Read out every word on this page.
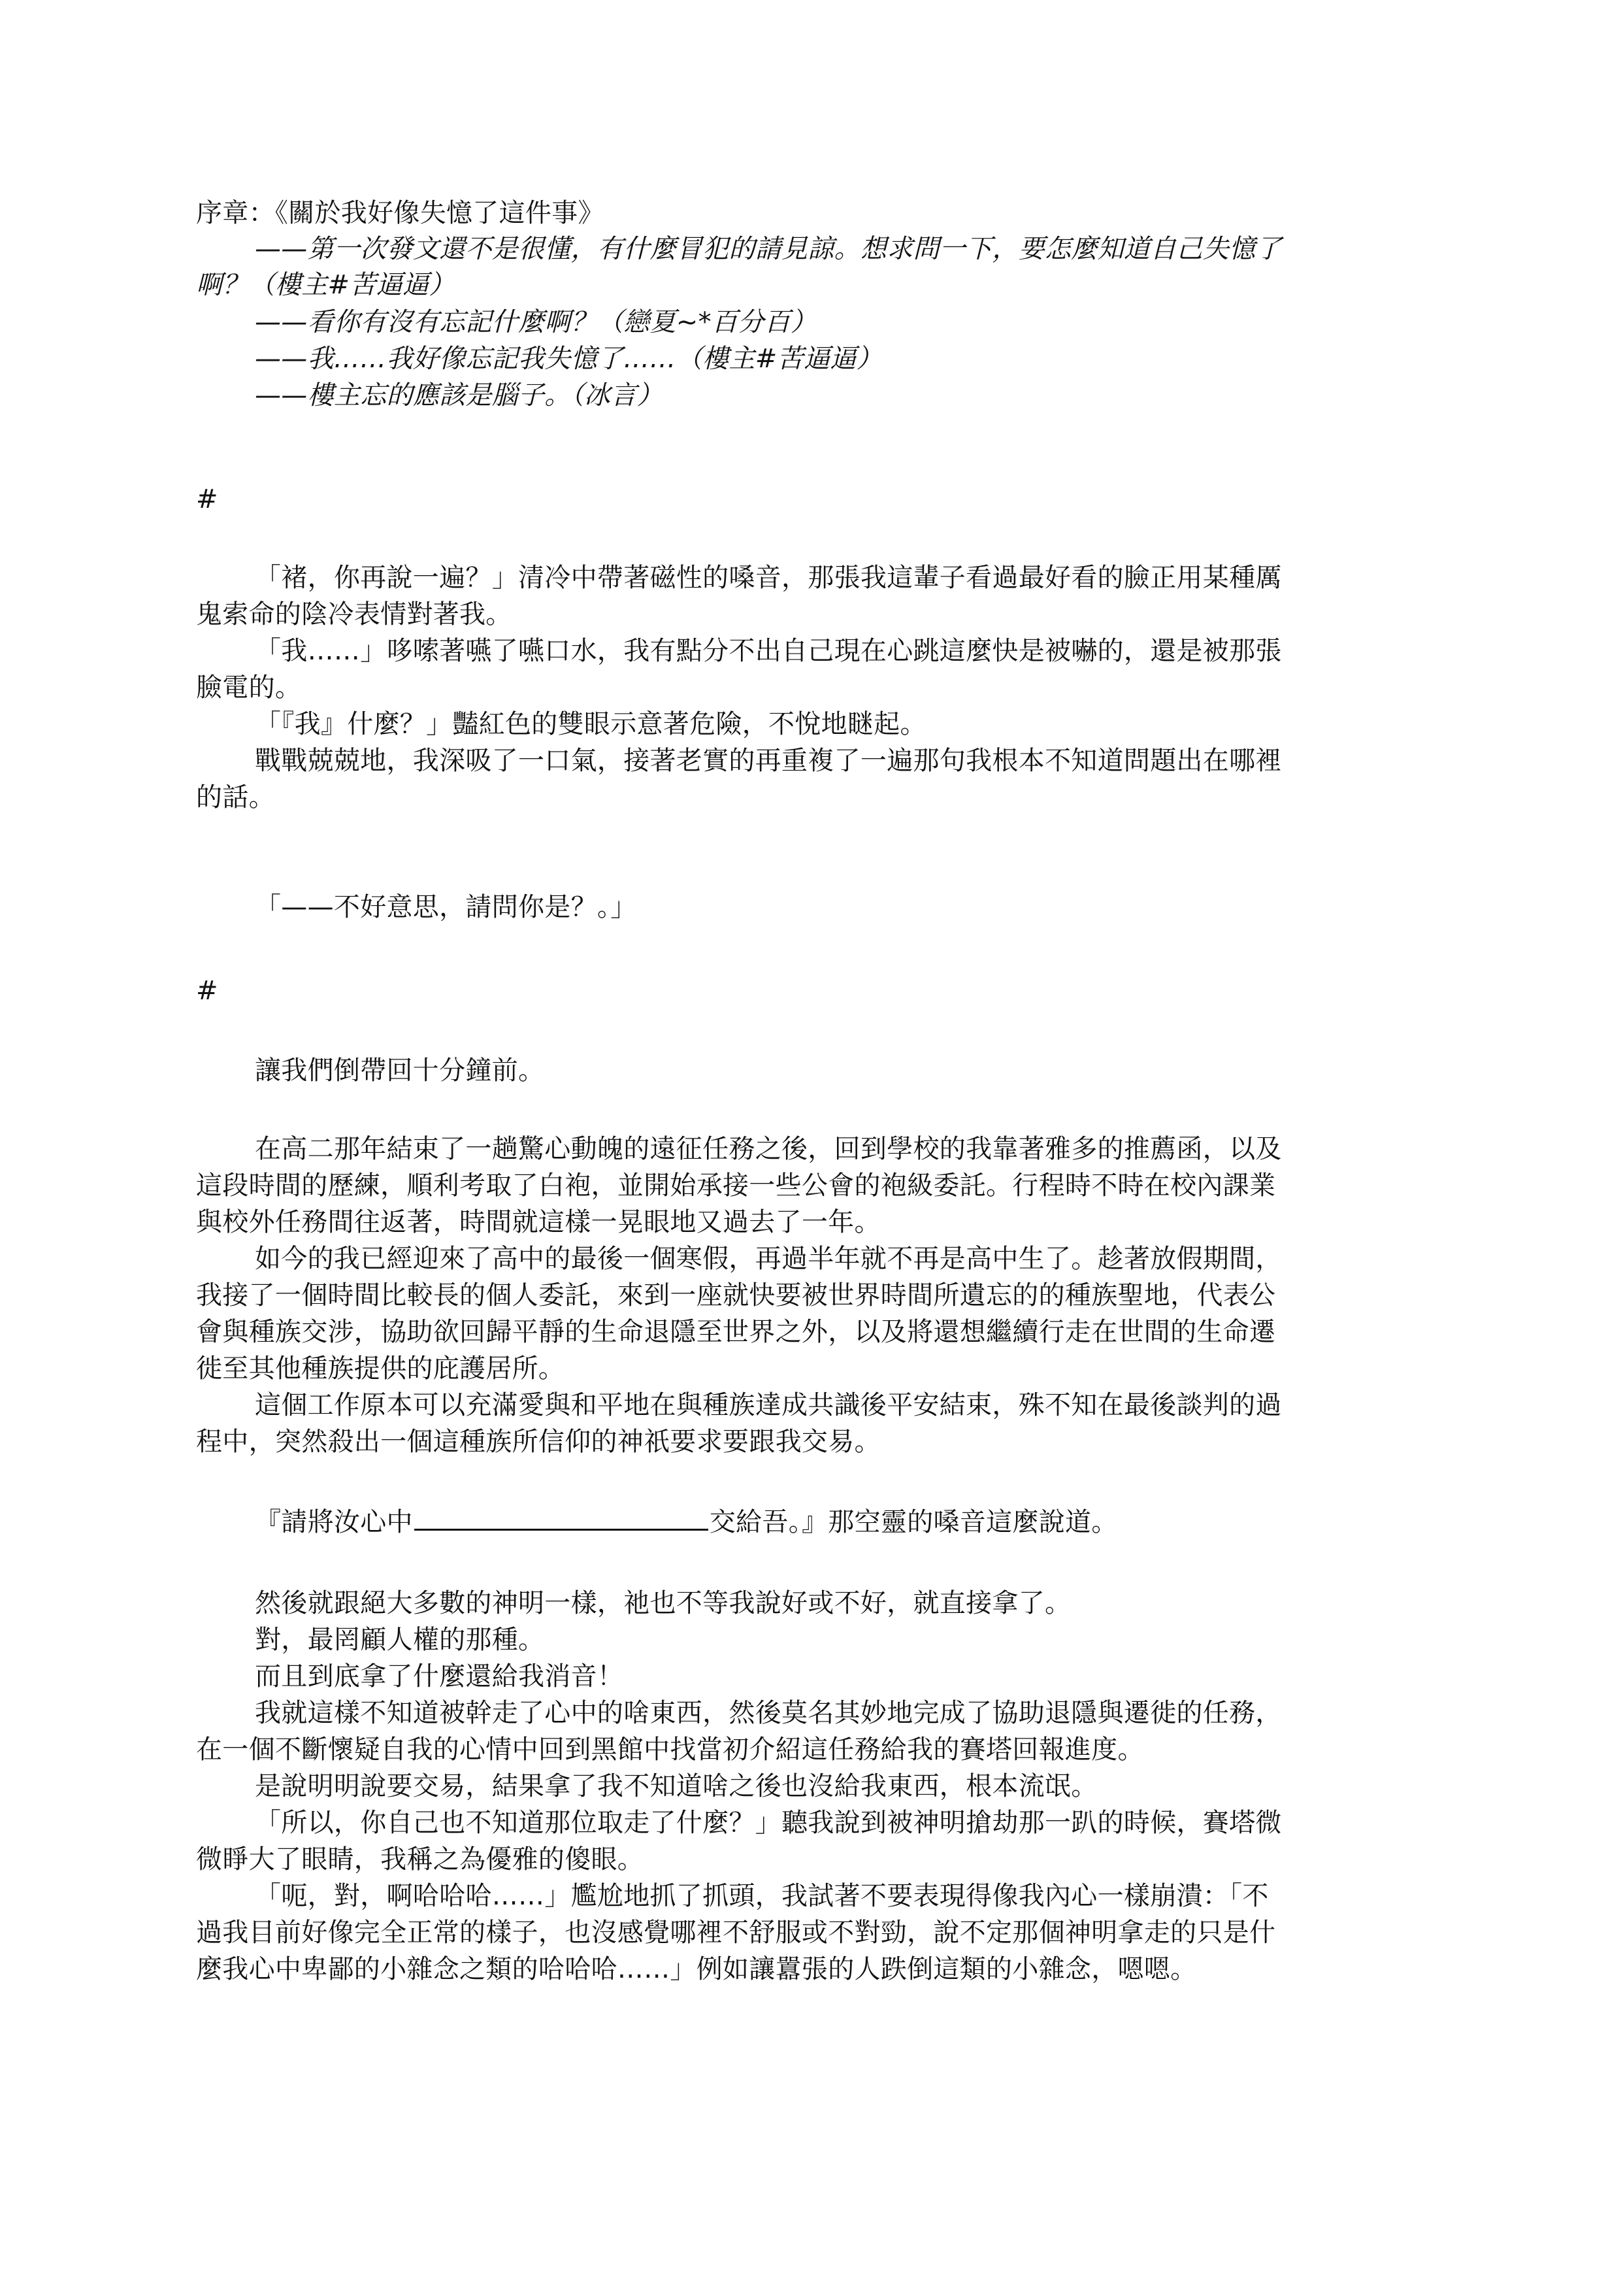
序章：《關於我好像失憶了這件事》
——第一次發文還不是很懂，有什麼冒犯的請見諒。想求問一下，要怎麼知道自己失憶了
啊？（樓主#苦逼逼）
——看你有沒有忘記什麼啊？（戀夏~*百分百）
——我……我好像忘記我失憶了……（樓主#苦逼逼）
——樓主忘的應該是腦子。（冰言）
#
「褚，你再說一遍？」清冷中帶著磁性的嗓音，那張我這輩子看過最好看的臉正用某種厲
鬼索命的陰冷表情對著我。
「我……」哆嗦著嚥了嚥口水，我有點分不出自己現在心跳這麼快是被嚇的，還是被那張
臉電的。
「『我』什麼？」豔紅色的雙眼示意著危險，不悅地瞇起。
戰戰兢兢地，我深吸了一口氣，接著老實的再重複了一遍那句我根本不知道問題出在哪裡
的話。
「——不好意思，請問你是？。」
#
讓我們倒帶回十分鐘前。
在高二那年結束了一趟驚心動魄的遠征任務之後，回到學校的我靠著雅多的推薦函，以及
這段時間的歷練，順利考取了白袍，並開始承接一些公會的袍級委託。行程時不時在校內課業
與校外任務間往返著，時間就這樣一晃眼地又過去了一年。
如今的我已經迎來了高中的最後一個寒假，再過半年就不再是高中生了。趁著放假期間，
我接了一個時間比較長的個人委託，來到一座就快要被世界時間所遺忘的的種族聖地，代表公
會與種族交涉，協助欲回歸平靜的生命退隱至世界之外，以及將還想繼續行走在世間的生命遷
徙至其他種族提供的庇護居所。
這個工作原本可以充滿愛與和平地在與種族達成共識後平安結束，殊不知在最後談判的過
程中，突然殺出一個這種族所信仰的神祇要求要跟我交易。
『請將汝心中	交給吾。』那空靈的嗓音這麼說道。
然後就跟絕大多數的神明一樣，祂也不等我說好或不好，就直接拿了。
對，最罔顧人權的那種。
而且到底拿了什麼還給我消音！
我就這樣不知道被幹走了心中的啥東西，然後莫名其妙地完成了協助退隱與遷徙的任務，
在一個不斷懷疑自我的心情中回到黑館中找當初介紹這任務給我的賽塔回報進度。
是說明明說要交易，結果拿了我不知道啥之後也沒給我東西，根本流氓。
「所以，你自己也不知道那位取走了什麼？」聽我說到被神明搶劫那一趴的時候，賽塔微
微睜大了眼睛，我稱之為優雅的傻眼。
「呃，對，啊哈哈哈……」尷尬地抓了抓頭，我試著不要表現得像我內心一樣崩潰：「不
過我目前好像完全正常的樣子，也沒感覺哪裡不舒服或不對勁，說不定那個神明拿走的只是什
麼我心中卑鄙的小雜念之類的哈哈哈……」例如讓囂張的人跌倒這類的小雜念，嗯嗯。
